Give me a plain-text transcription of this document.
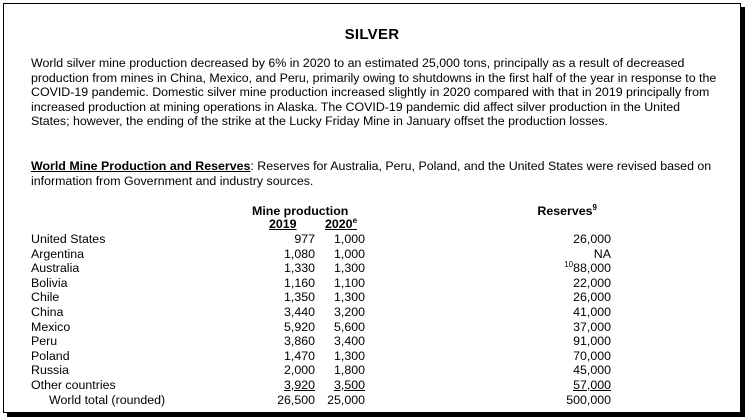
SILVER
World silver mine production decreased by 6% in 2020 to an estimated 25,000 tons, principally as a result of decreased production from mines in China, Mexico, and Peru, primarily owing to shutdowns in the first half of the year in response to the COVID-19 pandemic. Domestic silver mine production increased slightly in 2020 compared with that in 2019 principally from increased production at mining operations in Alaska. The COVID-19 pandemic did affect silver production in the United States; however, the ending of the strike at the Lucky Friday Mine in January offset the production losses.
World Mine Production and Reserves: Reserves for Australia, Peru, Poland, and the United States were revised based on information from Government and industry sources.
Mine production
2019 2020e
Reserves$^9$
United States	977 1,000	26,000
Argentina	1,080 1,000	NA
Australia	1,330 1,300	$^{10}$88,000
Bolivia	1,160 1,100	22,000
Chile	1,350 1,300	26,000
China	3,440 3,200	41,000
Mexico	5,920 5,600	37,000
Peru	3,860 3,400	91,000
Poland	1,470 1,300	70,000
Russia	2,000 1,800	45,000
Other countries	3,920 3,500	57,000
World total (rounded)	26,500 25,000	500,000
